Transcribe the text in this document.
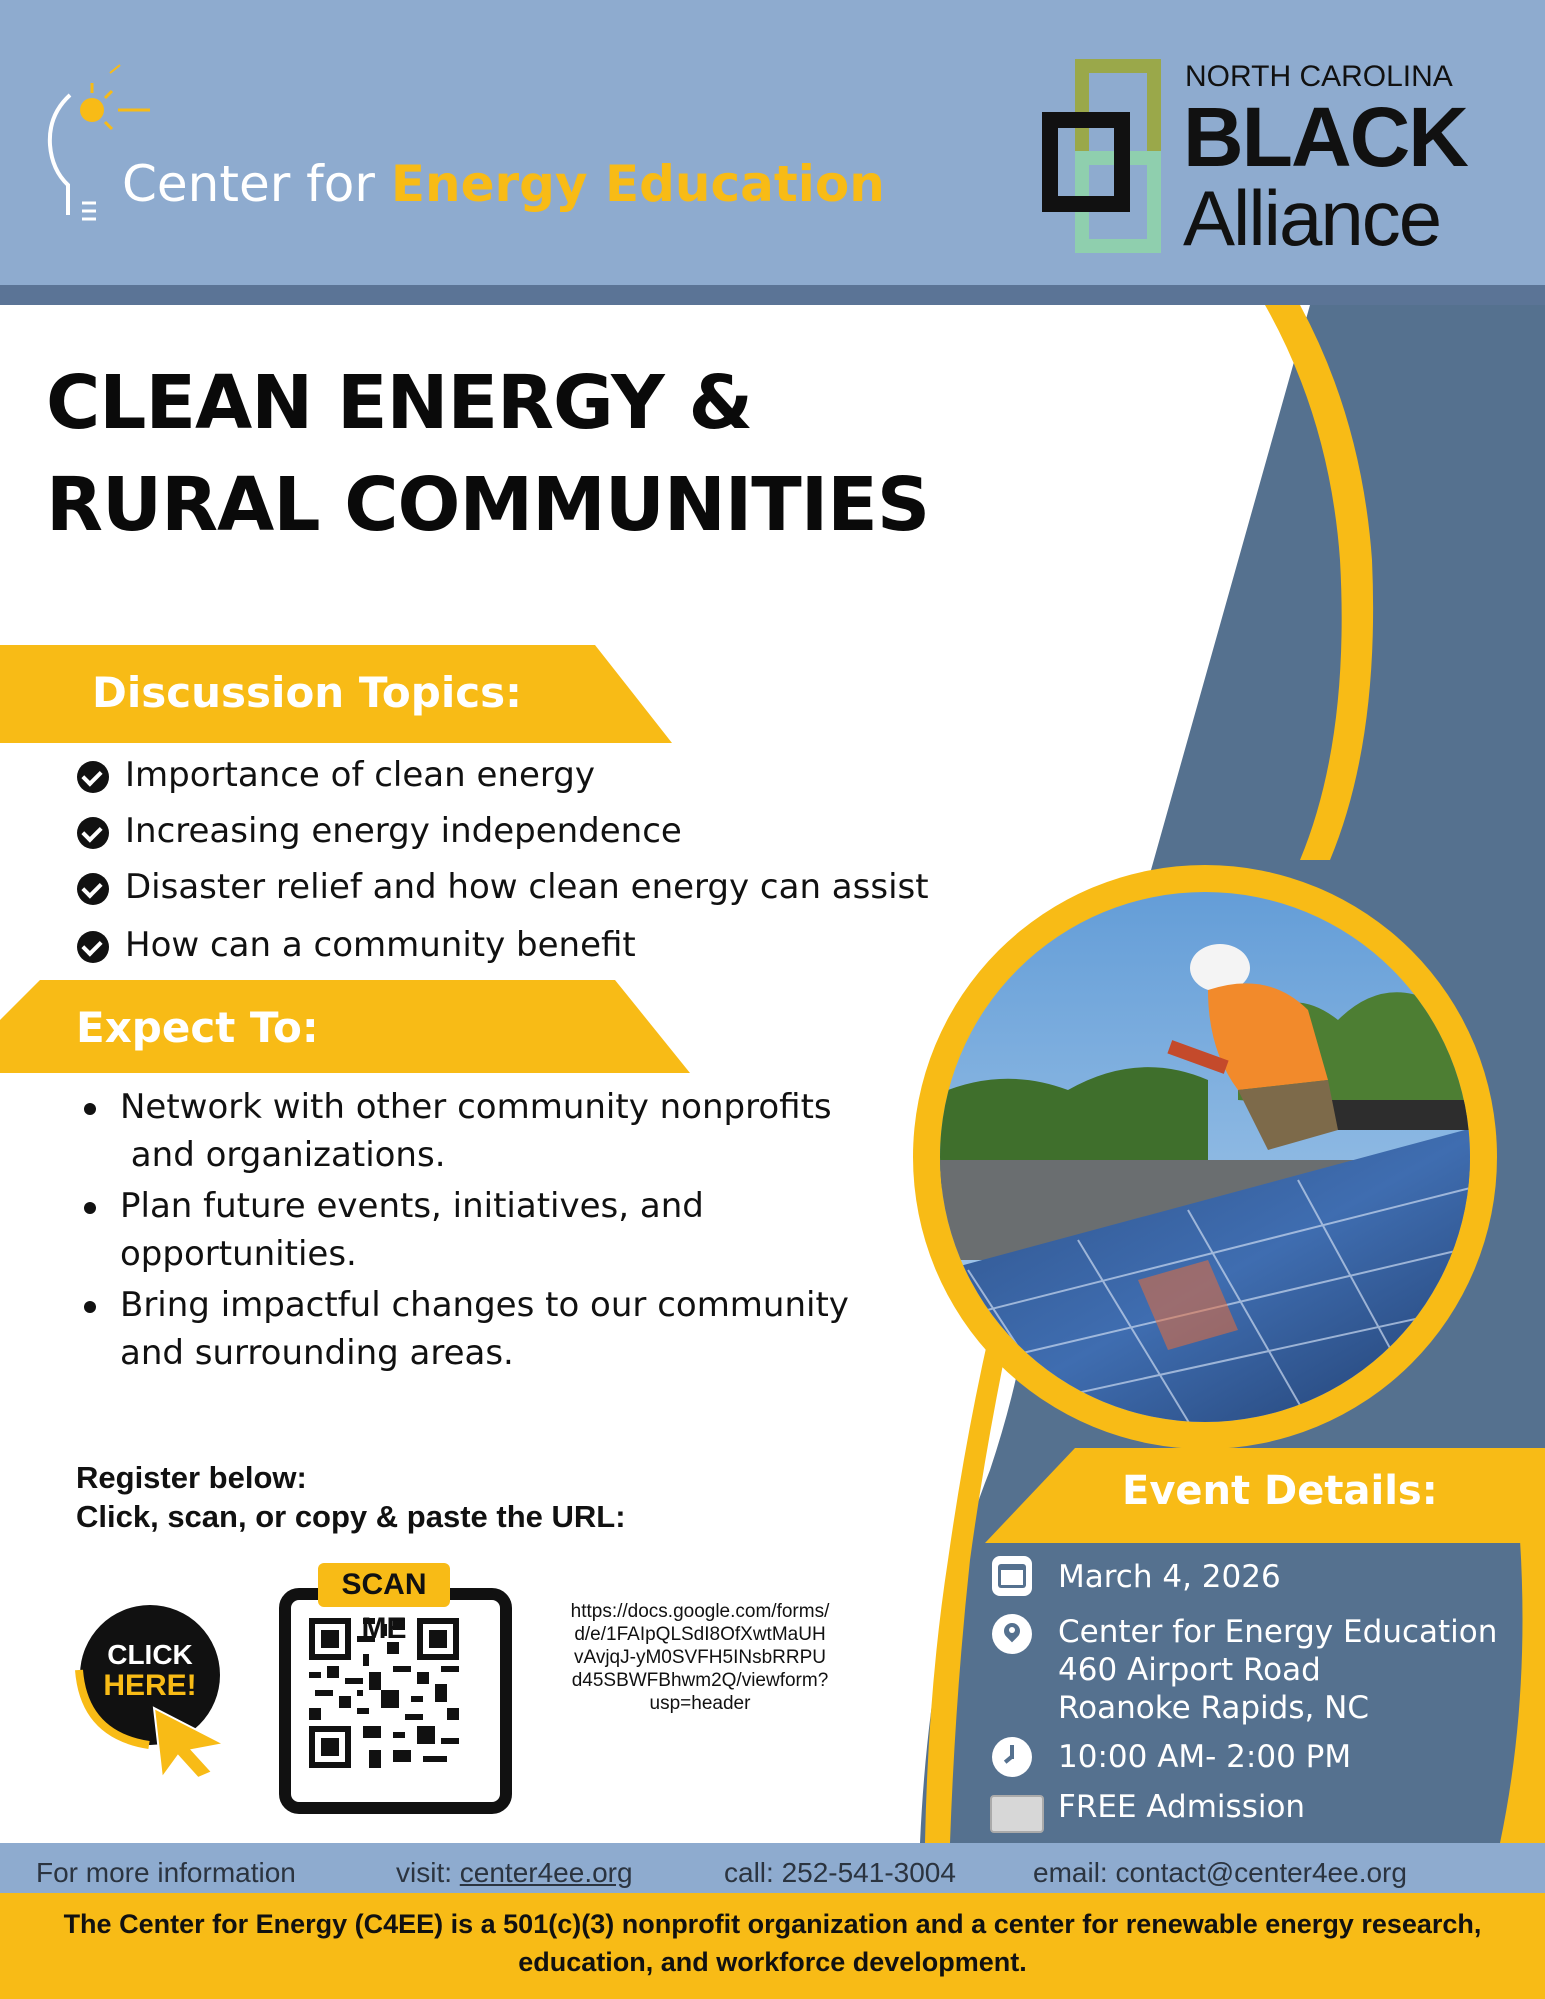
Center for Energy Education
NORTH CAROLINA
BLACK
Alliance
CLEAN ENERGY &
RURAL COMMUNITIES
Discussion Topics:
Importance of clean energy
Increasing energy independence
Disaster relief and how clean energy can assist
How can a community benefit
Expect To:
Network with other community nonprofits
and organizations.
Plan future events, initiatives, and
opportunities.
Bring impactful changes to our community
and surrounding areas.
Register below:
Click, scan, or copy & paste the URL:
CLICK
HERE!
SCAN ME
https://docs.google.com/forms/d/e/1FAIpQLSdI8OfXwtMaUHvAvjqJ-yM0SVFH5INsbRRPUd45SBWFBhwm2Q/viewform?usp=header
Event Details:
March 4, 2026
Center for Energy Education
460 Airport Road
Roanoke Rapids, NC
10:00 AM- 2:00 PM
FREE Admission
For more information	visit: center4ee.org	call: 252-541-3004	email: contact@center4ee.org
The Center for Energy (C4EE) is a 501(c)(3) nonprofit organization and a center for renewable energy research,
education, and workforce development.
